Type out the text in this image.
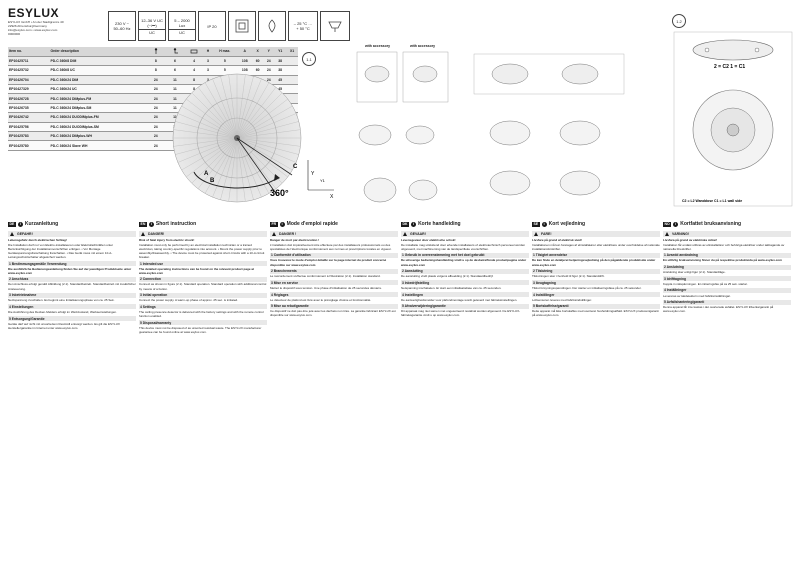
ESYLUX
ESYLUX GmbH • An der Stadtgrenze 40
22926 Ahrensburg/Germany
info@esylux.com • www.esylux.com
0000000
230 V ~
50–60 Hz
12–36 V UC
(~/⎓)
UC
5 – 2000
Lux
UC
IP 20	– 25 °C …
+ 50 °C
Item no.	Order description				H	H max.	A	X	Y	Y1	X1
EP10425711	PD-C 360i/8 DIM	8	6	4	3	5	108	60	24	38	
EP10425732	PD-C 360i/8 UC	8	6	4	3	5	108	60	24	38	
EP10426704	PD-C 360i/24 DIM	24	11	8	3				24	45	
EP10427329	PD-C 360i/24 UC	24	11	8						45	
EP10426728	PD-C 360i/24 DIMplus-FM	24	11								
EP10426735	PD-C 360i/24 DIMplus-SM	24	11								
EP10426742	PD-C 360i/24 DUODIMplus-FM	24	11								
EP10425756	PD-C 360i/24 DUODIMplus-SM	24									
EP10425783	PD-C 360i/24 DIMplus-WH	24									
EP10425780	PD-C 360i/24 Slave WH	24									
1.1
A
B
C
360°	X
Y
Y1
with accessory	with accessory
1.2
2 = C2 1 = C1
C2 = L2 Wanddose C1 = L1 wall side
DE	i Kurzanleitung
GEFAHR!

Lebensgefahr durch elektrischen Schlag!

Die Installation darf nur von Elektro-installateuren oder Elektrofachkräften unter Berücksichtigung der Installationsvorschriften erfolgen. • Vor Montage Gerätespannungsfreischaltung freischalten. • Das Gerät muss mit einem 10-A-Leitungsschutzschalter abgesichert werden.

1 Bestimmungsgemäße Verwendung

Die ausführliche Bedienungsanleitung finden Sie auf der jeweiligen Produktseite unter www.esylux.com

2 Anschluss

Den Anschluss erfolgt gemäß Abbildung (2.1). Standardbetrieb. Standardbetrieb mit zusätzlicher Ansteuerung.

3 Inbetriebnahme

Netzspannung zuschalten. Es beginnt eine Initialisierungsphase von ca. 25 Sek.

4 Einstellungen

Die Ausführung des Decken-Melders erfolgt im Werkzustand, Werkseinstellungen.

5 Entsorgung/Garantie

Geräte darf auf nicht mit unsortiertem Restmüll entsorgt werden. Es gilt die ESYLUX Herstellergarantie im Internet unter www.esylux.com.

EN	i Short instruction
DANGER!

Risk of fatal injury from electric shock!

Installation must only be performed by an electrical installation technician or a trained electrician, taking country-specific regulations into account. • Mount the power supply prior to assembly/disassembly. • The device must be protected against short circuits with a 10-A circuit breaker.

1 Intended use

The detailed operating instructions can be found on the relevant product page at www.esylux.com

2 Connection

Connect as shown in figure (2.1). Standard operation. Standard operation with additional control by means of a button.

3 Initial operation

Connect the power supply. A warm-up phase of approx. 25 sec. is initiated.

4 Settings

The ceiling presence detector is delivered with the factory settings and with the remote control function enabled.

5 Disposal/warranty

This device must not be disposed of as unsorted residual waste. The ESYLUX manufacturer guarantee can be found online at www.esylux.com.

FR	i Mode d'emploi rapide
DANGER !

Danger de mort par électrocution !

L'installation doit impérativement être effectuée par des installateurs professionnels ou des spécialistes de l'électronique conformément aux normes et prescriptions locales en vigueur.

1 Conformité d'utilisation

Vous trouverez le mode d'emploi détaillé sur la page internet du produit concerné disponible sur www.esylux.com

2 Branchements

Le raccordement s'effectue conformément à l'illustration (2.1). Installation standard.

3 Mise en service

Mettez le dispositif sous tension. Une phase d'initialisation de 25 secondes démarre.

4 Réglages

Le détecteur de plafond est livré avec le préréglage d'usine et fonctionnalité.

5 Mise au rebut/garantie

Ce dispositif ne doit pas être jeté avec les déchets non triés. La garantie fabricant ESYLUX est disponible sur www.esylux.com.

DK	i Korte handleiding
GEVAAR!

Levensgevaar door elektrische schok!

De installatie mag uitsluitend door erkende installateurs of elektrotechnisch personeel worden uitgevoerd, met inachtneming van de landspecifieke voorschriften.

1 Gebruik in overeenstemming met het doel gebruikt

De uitvoerige bedieningshandleiding vindt u op de desbetreffende productpagina onder www.esylux.com

2 Aansluiting

De aansluiting vindt plaats volgens afbeelding (2.1). Standaardbedrijf.

3 Inbedrijfstelling

Netspanning inschakelen. Er start een initialisatiefase van ca. 25 seconden.

4 Instellingen

De aanwezigheidsmelder voor plafondmontage wordt geleverd met fabrieksinstellingen.

5 Afvalverwijdering/garantie

Dit apparaat mag niet samen met ongesorteerd restafval worden afgevoerd. De ESYLUX-fabrieksgarantie vindt u op www.esylux.com.

SE	i Kort vejledning
FARE!

Livsfare på grund af elektrisk stød!

Installationen må kun foretages af elinstallatører eller elektrikere under overholdelse af nationale installationsforskrifter.

1 Tilsigtet anvendelse

Du kan finde en detaljeret betjeningsvejledning på den pågældende produktside under www.esylux.com

2 Tilslutning

Tilslutningen sker i henhold til figur (2.1). Standarddrift.

3 Ibrugtagning

Tilslut forsyningsspændingen. Der starter en initialiseringsfase på ca. 25 sekunder.

4 Indstillinger

Loftsensoren leveres med fabriksindstillinger.

5 Bortskaffelse/garanti

Dette apparat må ikke bortskaffes med usorteret husholdningsaffald. ESYLUX producentgaranti på www.esylux.com.

NO	i Kortfattet bruksanvisning
VARNING!

Livsfara på grund av elektriska stötar!

Installation får endast utföras av elinstallatörer och behöriga elektriker under iakttagande av nationella föreskrifter.

1 Avsedd användning

En utförlig bruksanvisning finner du på respektive produktsida på www.esylux.com

2 Anslutning

Anslutning sker enligt figur (2.1). Standardläge.

3 Idrifttagning

Koppla in nätspänningen. En initieringsfas på ca 25 sek. startar.

4 Inställninger

Levereras av takdetektorn med fabriksinställningar.

5 Avfallshantering/garanti

Denna apparat får inte kastas i det osorterade avfallet. ESYLUX tillverkargaranti på www.esylux.com.
